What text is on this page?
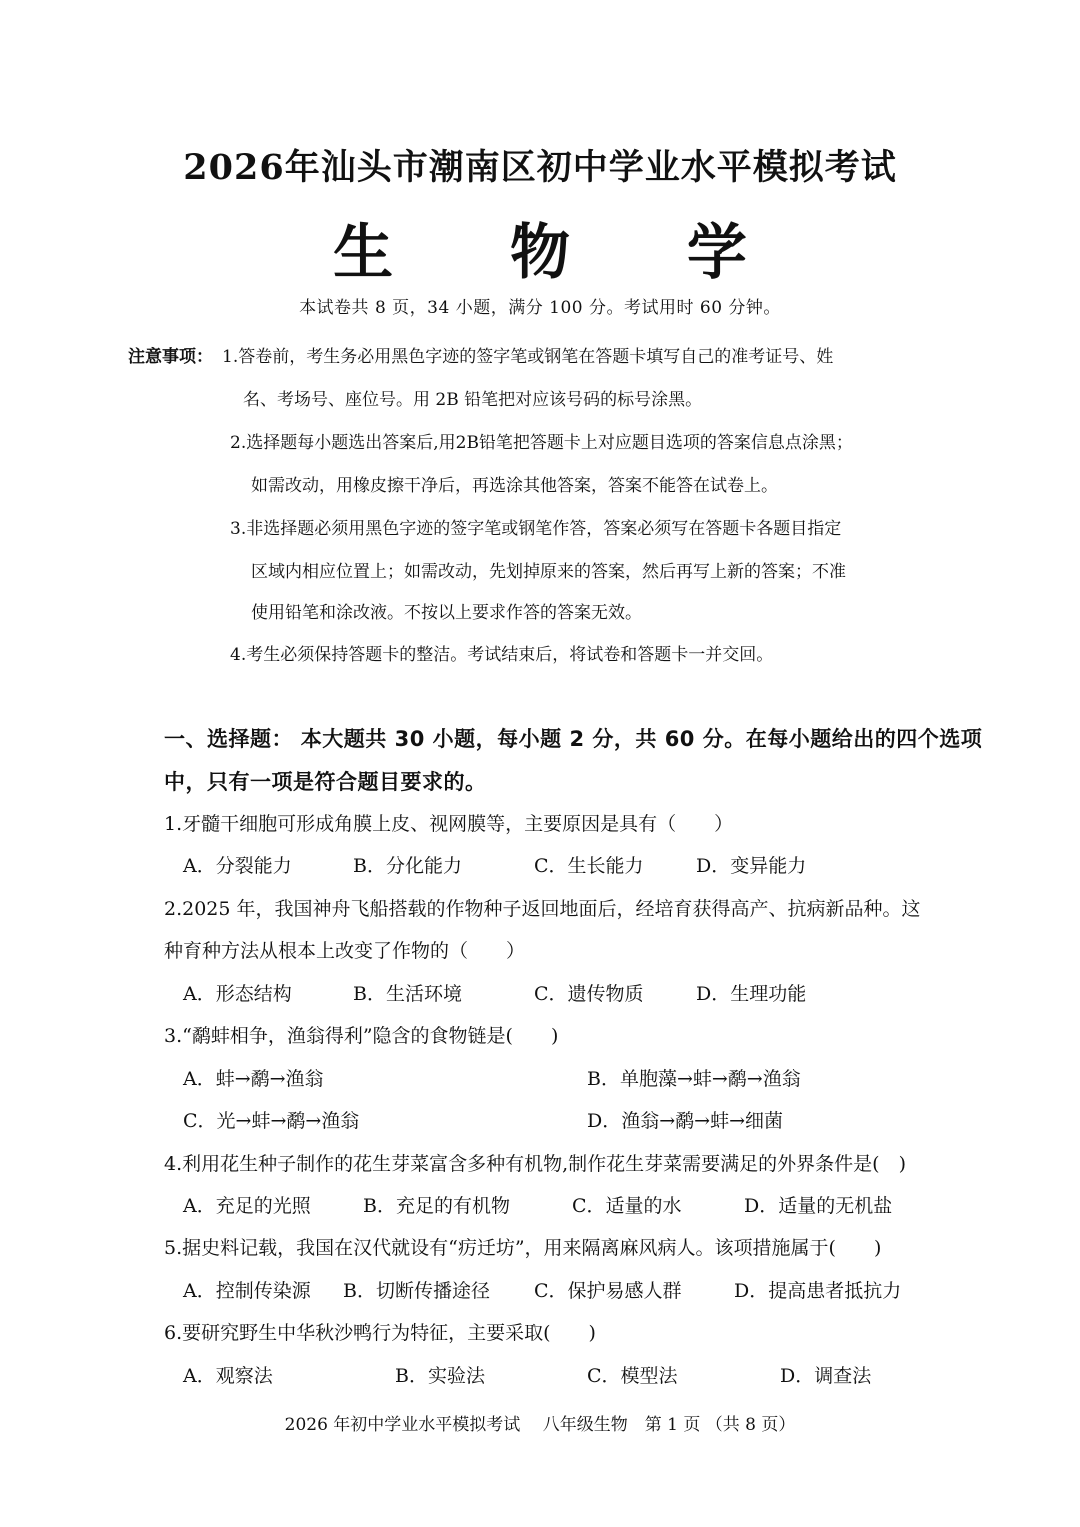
2026年汕头市潮南区初中学业水平模拟考试
生 物 学
本试卷共 8 页，34 小题，满分 100 分。考试用时 60 分钟。
注意事项： 1.答卷前，考生务必用黑色字迹的签字笔或钢笔在答题卡填写自己的准考证号、姓
名、考场号、座位号。用 2B 铅笔把对应该号码的标号涂黑。
2.选择题每小题选出答案后,用2B铅笔把答题卡上对应题目选项的答案信息点涂黑；
如需改动，用橡皮擦干净后，再选涂其他答案，答案不能答在试卷上。
3.非选择题必须用黑色字迹的签字笔或钢笔作答，答案必须写在答题卡各题目指定
区域内相应位置上；如需改动，先划掉原来的答案，然后再写上新的答案；不准
使用铅笔和涂改液。不按以上要求作答的答案无效。
4.考生必须保持答题卡的整洁。考试结束后，将试卷和答题卡一并交回。
一、选择题： 本大题共 30 小题，每小题 2 分，共 60 分。在每小题给出的四个选项
中，只有一项是符合题目要求的。
1.牙髓干细胞可形成角膜上皮、视网膜等，主要原因是具有（　　）
A．分裂能力	B．分化能力	C．生长能力	D．变异能力
2.2025 年，我国神舟飞船搭载的作物种子返回地面后，经培育获得高产、抗病新品种。这
种育种方法从根本上改变了作物的（　　）
A．形态结构	B．生活环境	C．遗传物质	D．生理功能
3.“鹬蚌相争，渔翁得利”隐含的食物链是(　　)
A．蚌→鹬→渔翁	B．单胞藻→蚌→鹬→渔翁
C．光→蚌→鹬→渔翁	D．渔翁→鹬→蚌→细菌
4.利用花生种子制作的花生芽菜富含多种有机物,制作花生芽菜需要满足的外界条件是(　)
A．充足的光照	B．充足的有机物	C．适量的水	D．适量的无机盐
5.据史料记载，我国在汉代就设有“疠迁坊”，用来隔离麻风病人。该项措施属于(　　)
A．控制传染源 B．切断传播途径 C．保护易感人群	D．提高患者抵抗力
6.要研究野生中华秋沙鸭行为特征，主要采取(　　)
A．观察法	B．实验法	C．模型法	D．调查法
2026 年初中学业水平模拟考试　 八年级生物　第 1 页 （共 8 页）
